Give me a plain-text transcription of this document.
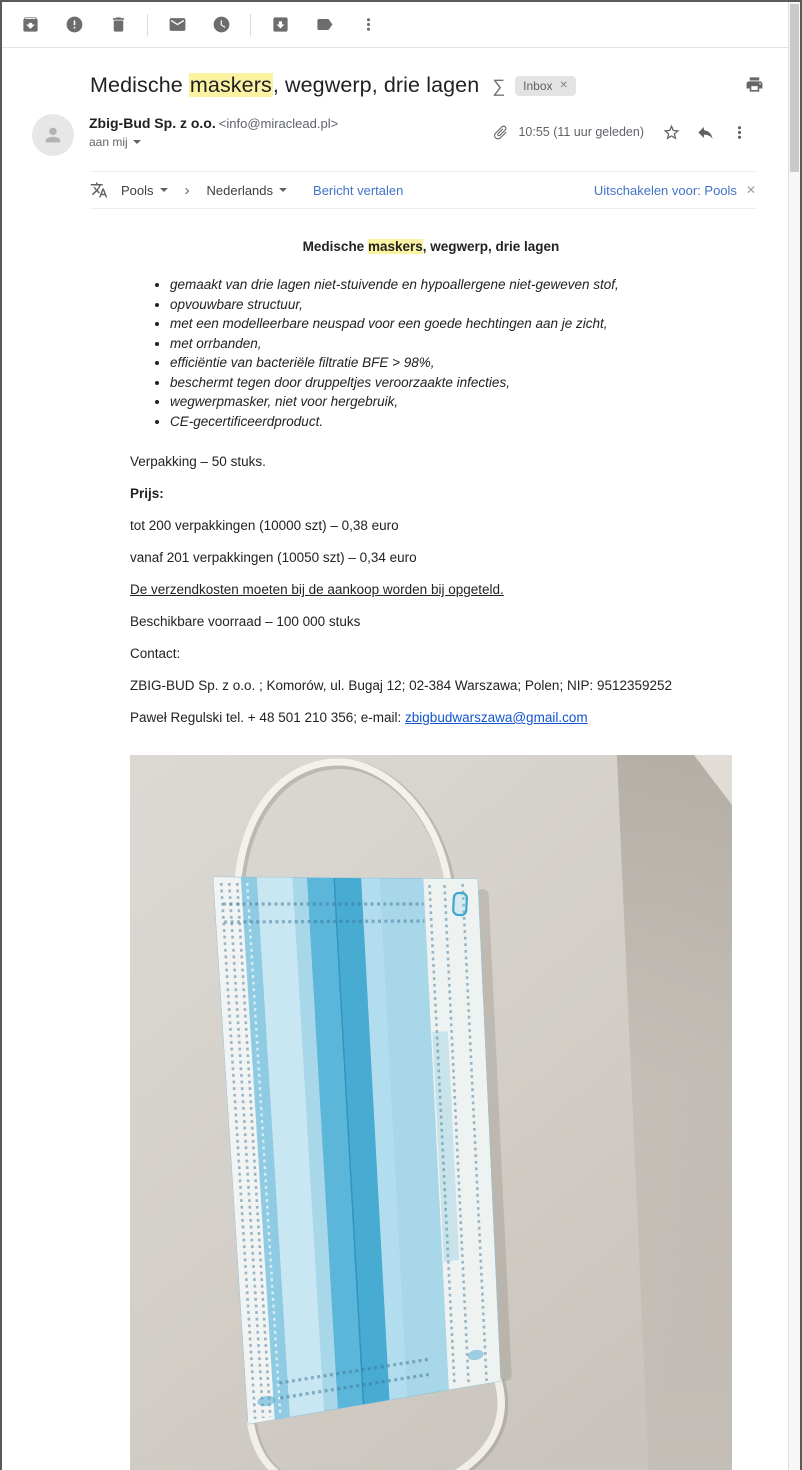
Medische maskers, wegwerp, drie lagen ∑ Inbox ✕
Zbig-Bud Sp. z o.o. <info@miraclead.pl>
aan mij
10:55 (11 uur geleden)
Pools › Nederlands	Bericht vertalen	Uitschakelen voor: Pools ✕

Medische maskers, wegwerp, drie lagen

• gemaakt van drie lagen niet-stuivende en hypoallergene niet-geweven stof,
• opvouwbare structuur,
• met een modelleerbare neuspad voor een goede hechtingen aan je zicht,
• met orrbanden,
• efficiëntie van bacteriële filtratie BFE > 98%,
• beschermt tegen door druppeltjes veroorzaakte infecties,
• wegwerpmasker, niet voor hergebruik,
• CE-gecertificeerdproduct.

Verpakking – 50 stuks.

Prijs:

tot 200 verpakkingen (10000 szt) – 0,38 euro

vanaf 201 verpakkingen (10050 szt) – 0,34 euro

De verzendkosten moeten bij de aankoop worden bij opgeteld.

Beschikbare voorraad – 100 000 stuks

Contact:

ZBIG-BUD Sp. z o.o. ; Komorów, ul. Bugaj 12; 02-384 Warszawa; Polen; NIP: 9512359252

Paweł Regulski tel. + 48 501 210 356; e-mail: zbigbudwarszawa@gmail.com
